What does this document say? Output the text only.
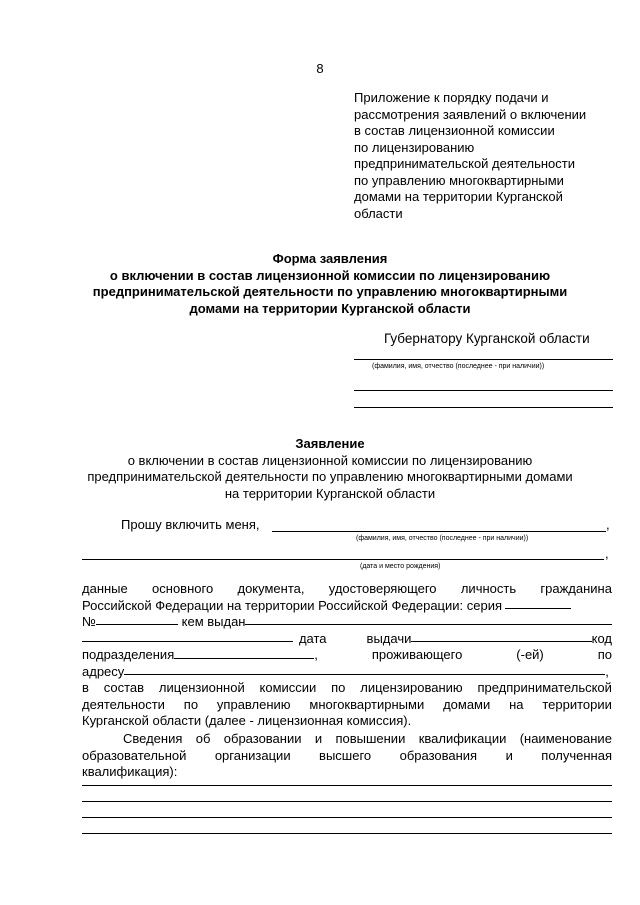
8
Приложение к порядку подачи и
рассмотрения заявлений о включении
в состав лицензионной комиссии
по лицензированию
предпринимательской деятельности
по управлению многоквартирными
домами на территории Курганской
области
Форма заявления
о включении в состав лицензионной комиссии по лицензированию
предпринимательской деятельности по управлению многоквартирными
домами на территории Курганской области
Губернатору Курганской области
(фамилия, имя, отчество (последнее - при наличии))
Заявление
о включении в состав лицензионной комиссии по лицензированию
предпринимательской деятельности по управлению многоквартирными домами
на территории Курганской области
Прошу включить меня,	,
(фамилия, имя, отчество (последнее - при наличии))
,
(дата и место рождения)
данные основного документа, удостоверяющего личность гражданина
Российской Федерации на территории Российской Федерации: серия
№	кем выдан
дата	выдачи	код
подразделения	,	проживающего	(-ей)	по
адресу	,
в состав лицензионной комиссии по лицензированию предпринимательской
деятельности по управлению многоквартирными домами на территории
Курганской области (далее - лицензионная комиссия).
Сведения об образовании и повышении квалификации (наименование
образовательной организации высшего образования и полученная
квалификация):
